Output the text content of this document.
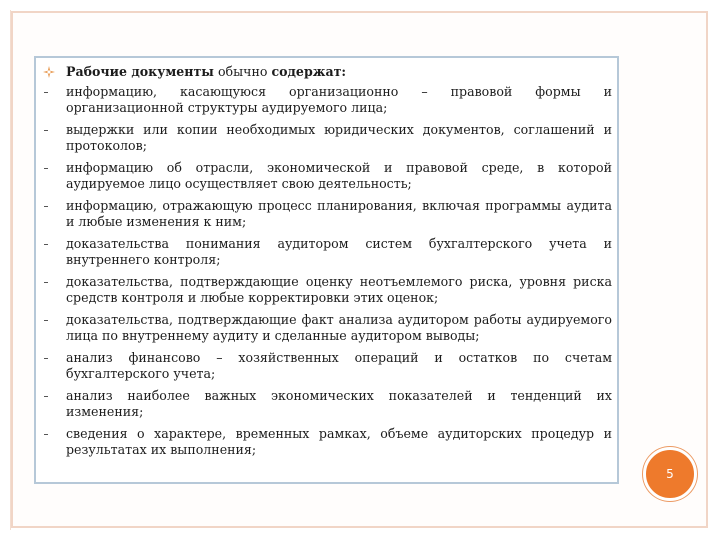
Рабочие документы обычно содержат:
информацию, касающуюся организационно – правовой формы и организационной структуры аудируемого лица;
выдержки или копии необходимых юридических документов, соглашений и протоколов;
информацию об отрасли, экономической и правовой среде, в которой аудируемое лицо осуществляет свою деятельность;
информацию, отражающую процесс планирования, включая программы аудита и любые изменения к ним;
доказательства понимания аудитором систем бухгалтерского учета и внутреннего контроля;
доказательства, подтверждающие оценку неотъемлемого риска, уровня риска средств контроля и любые корректировки этих оценок;
доказательства, подтверждающие факт анализа аудитором работы аудируемого лица по внутреннему аудиту и сделанные аудитором выводы;
анализ финансово – хозяйственных операций и остатков по счетам бухгалтерского учета;
анализ наиболее важных экономических показателей и тенденций их изменения;
сведения о характере, временных рамках, объеме аудиторских процедур и результатах их выполнения;
5
